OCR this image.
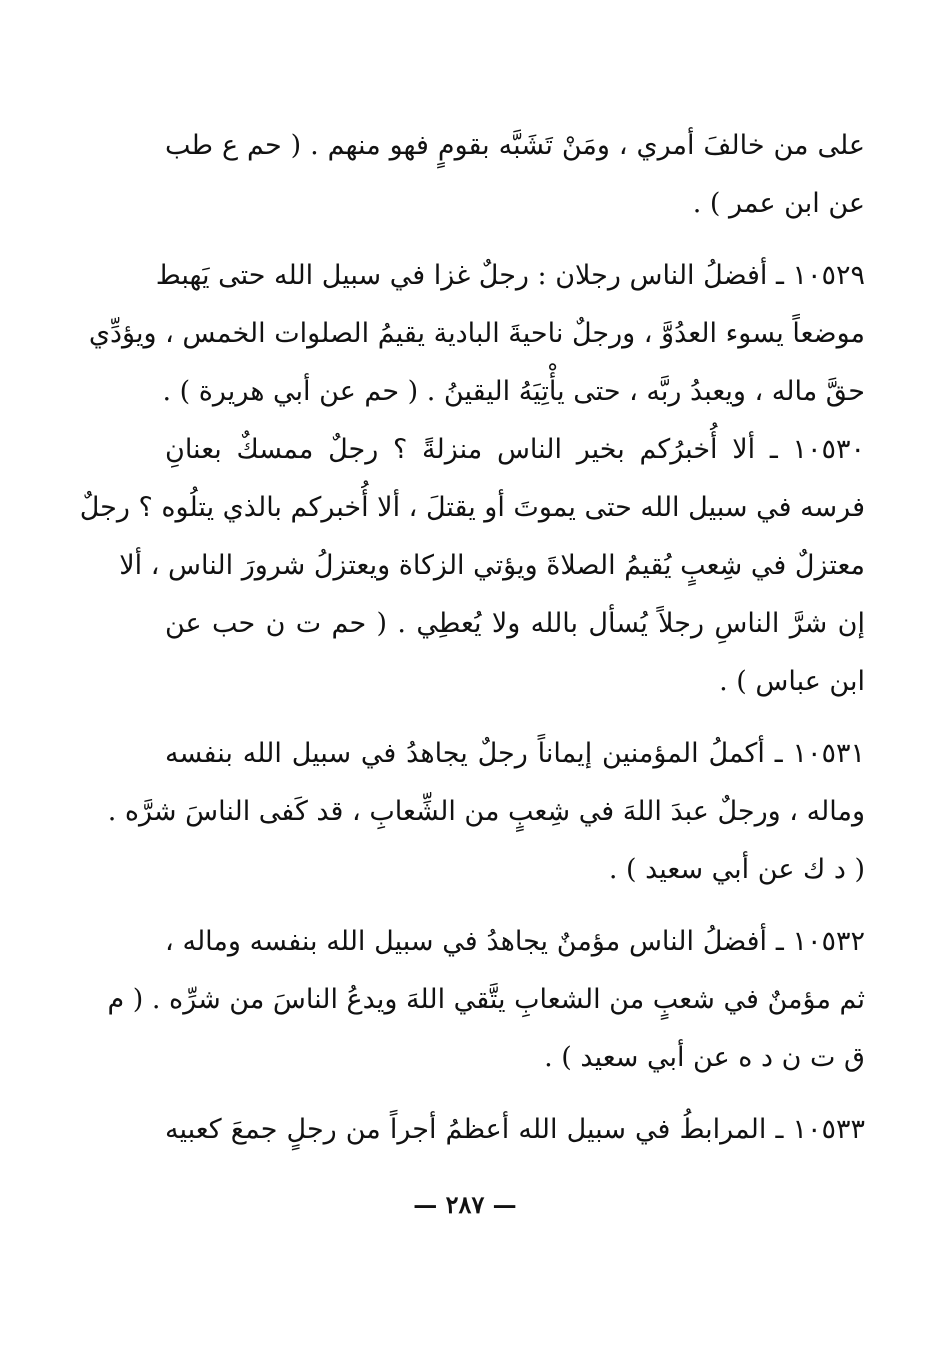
على من خالفَ أمري ، ومَنْ تَشَبَّه بقومٍ فهو منهم . ( حم ع طب
عن ابن عمر ) .
١٠٥٢٩ ـ أفضلُ الناس رجلان : رجلٌ غزا في سبيل الله حتى يَهبط
موضعاً يسوء العدُوَّ ، ورجلٌ ناحيةَ البادية يقيمُ الصلوات الخمس ، ويؤدِّي
حقَّ ماله ، ويعبدُ ربَّه ، حتى يأْتِيَهُ اليقينُ . ( حم عن أبي هريرة ) .
١٠٥٣٠ ـ ألا أُخبرُكم بخير الناس منزلةً ؟ رجلٌ ممسكٌ بعنانِ
فرسه في سبيل الله حتى يموتَ أو يقتلَ ، ألا أُخبركم بالذي يتلُوه ؟ رجلٌ
معتزلٌ في شِعبٍ يُقيمُ الصلاةَ ويؤتي الزكاة ويعتزلُ شرورَ الناس ، ألا
إن شرَّ الناسِ رجلاً يُسأل بالله ولا يُعطِي . ( حم ت ن حب عن
ابن عباس ) .
١٠٥٣١ ـ أكملُ المؤمنين إيماناً رجلٌ يجاهدُ في سبيل الله بنفسه
وماله ، ورجلٌ عبدَ اللهَ في شِعبٍ من الشِّعابِ ، قد كَفى الناسَ شرَّه .
( د ك عن أبي سعيد ) .
١٠٥٣٢ ـ أفضلُ الناس مؤمنٌ يجاهدُ في سبيل الله بنفسه وماله ،
ثم مؤمنٌ في شعبٍ من الشعابِ يتَّقي اللهَ ويدعُ الناسَ من شرِّه . ( م
ق ت ن د ه عن أبي سعيد ) .
١٠٥٣٣ ـ المرابطُ في سبيل الله أعظمُ أجراً من رجلٍ جمعَ كعبيه
— ٢٨٧ —
